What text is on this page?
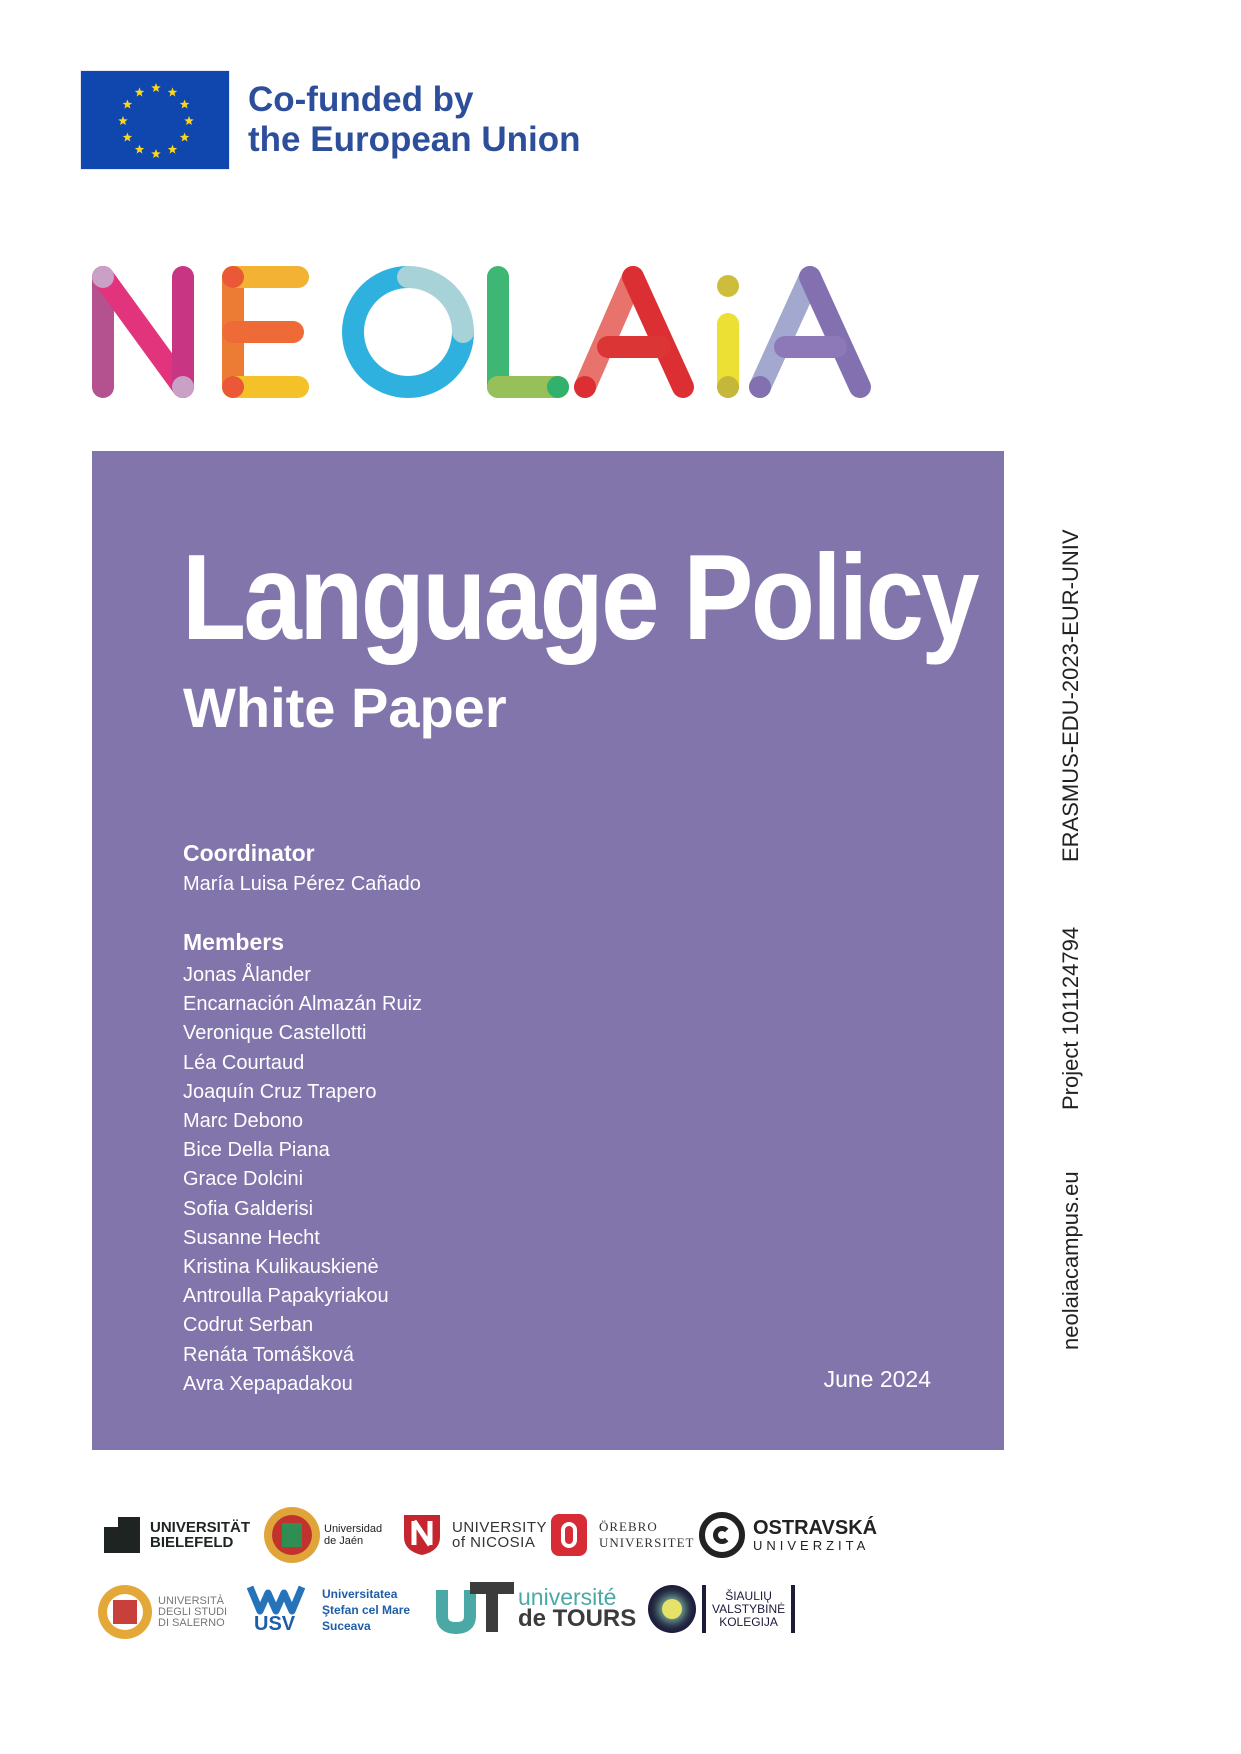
Co-funded by
the European Union
Language Policy
White Paper
Coordinator
María Luisa Pérez Cañado
Members
Jonas Ålander
Encarnación Almazán Ruiz
Veronique Castellotti
Léa Courtaud
Joaquín Cruz Trapero
Marc Debono
Bice Della Piana
Grace Dolcini
Sofia Galderisi
Susanne Hecht
Kristina Kulikauskienė
Antroulla Papakyriakou
Codrut Serban
Renáta Tomášková
Avra Xepapadakou	June 2024
ERASMUS-EDU-2023-EUR-UNIV
Project 101124794
neolaiacampus.eu
UNIVERSITÄT
BIELEFELD
Universidad
de Jaén
UNIVERSITY
of NICOSIA
ÖREBRO
UNIVERSITET
OSTRAVSKÁ
UNIVERZITA
UNIVERSITÀ
DEGLI STUDI
DI SALERNO USV
Universitatea
Ştefan cel Mare
Suceava
université
de TOURS
ŠIAULIŲ
VALSTYBINĖ
KOLEGIJA
